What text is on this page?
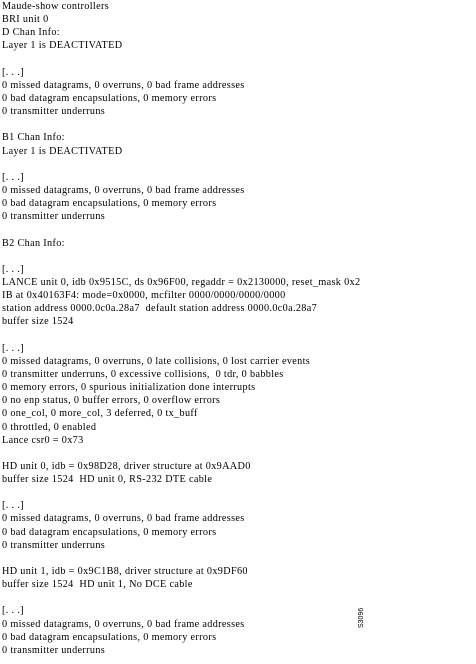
Maude-show controllers
BRI unit 0
D Chan Info:
Layer 1 is DEACTIVATED
[. . .]
0 missed datagrams, 0 overruns, 0 bad frame addresses
0 bad datagram encapsulations, 0 memory errors
0 transmitter underruns
B1 Chan Info:
Layer 1 is DEACTIVATED
[. . .]
0 missed datagrams, 0 overruns, 0 bad frame addresses
0 bad datagram encapsulations, 0 memory errors
0 transmitter underruns
B2 Chan Info:
[. . .]
LANCE unit 0, idb 0x9515C, ds 0x96F00, regaddr = 0x2130000, reset_mask 0x2
IB at 0x40163F4: mode=0x0000, mcfilter 0000/0000/0000/0000
station address 0000.0c0a.28a7  default station address 0000.0c0a.28a7
buffer size 1524
[. . .]
0 missed datagrams, 0 overruns, 0 late collisions, 0 lost carrier events
0 transmitter underruns, 0 excessive collisions,  0 tdr, 0 babbles
0 memory errors, 0 spurious initialization done interrupts
0 no enp status, 0 buffer errors, 0 overflow errors
0 one_col, 0 more_col, 3 deferred, 0 tx_buff
0 throttled, 0 enabled
Lance csr0 = 0x73
HD unit 0, idb = 0x98D28, driver structure at 0x9AAD0
buffer size 1524  HD unit 0, RS-232 DTE cable
[. . .]
0 missed datagrams, 0 overruns, 0 bad frame addresses
0 bad datagram encapsulations, 0 memory errors
0 transmitter underruns
HD unit 1, idb = 0x9C1B8, driver structure at 0x9DF60
buffer size 1524  HD unit 1, No DCE cable
[. . .]
0 missed datagrams, 0 overruns, 0 bad frame addresses
0 bad datagram encapsulations, 0 memory errors
0 transmitter underruns
S3096
